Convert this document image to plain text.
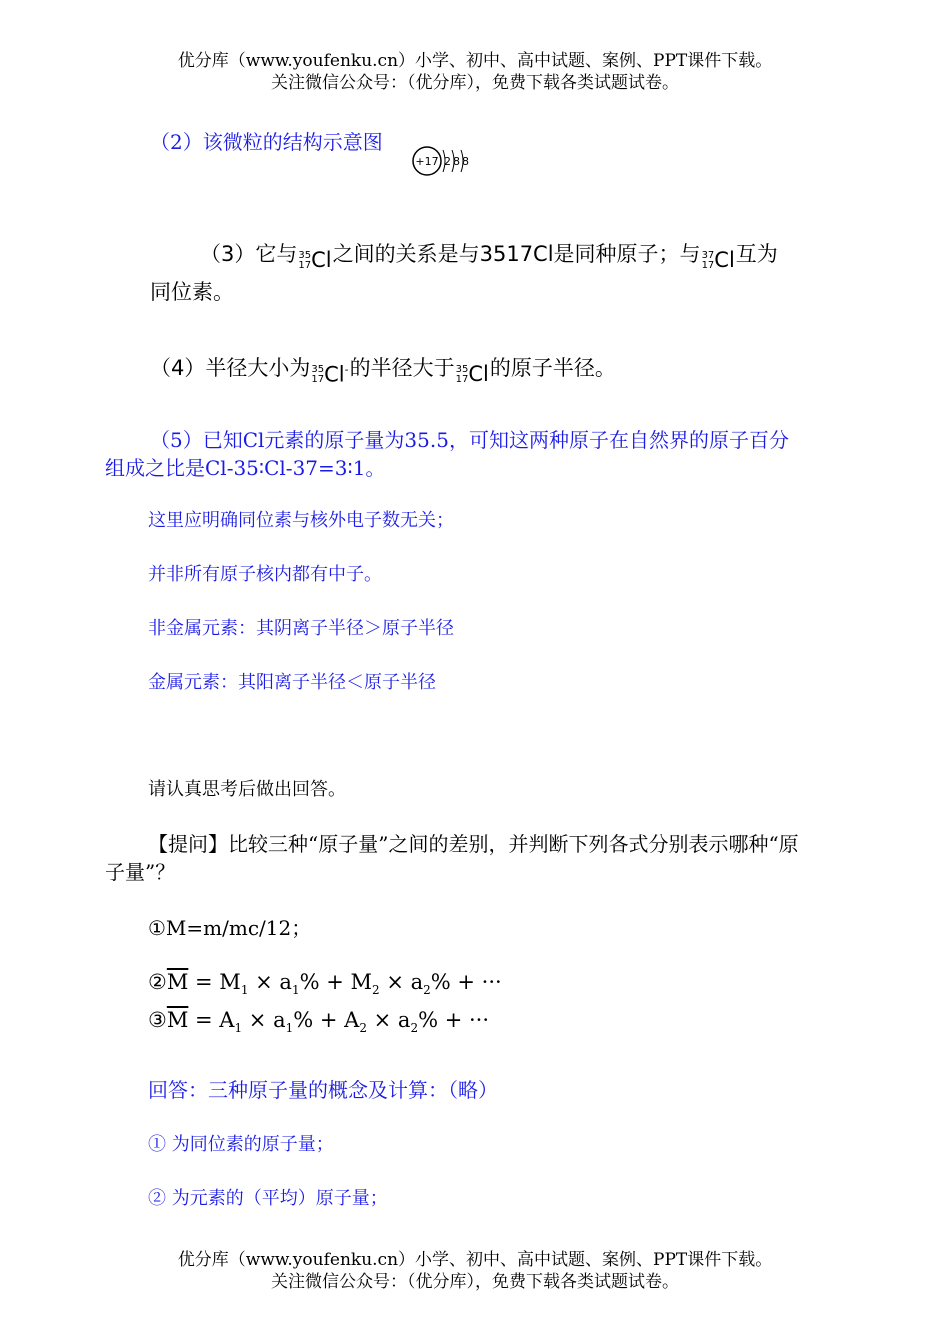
优分库（www.youfenku.cn）小学、初中、高中试题、案例、PPT课件下载。
关注微信公众号：（优分库），免费下载各类试题试卷。
（2）该微粒的结构示意图
+17 288
（3）它与35
17Cl之间的关系是与3517Cl是同种原子；与37
17Cl互为
同位素。
（4）半径大小为35
17Cl-的半径大于35
17Cl的原子半径。
（5）已知Cl元素的原子量为35.5，可知这两种原子在自然界的原子百分
组成之比是Cl-35∶Cl-37=3∶1。
这里应明确同位素与核外电子数无关；
并非所有原子核内都有中子。
非金属元素：其阴离子半径＞原子半径
金属元素：其阳离子半径＜原子半径
请认真思考后做出回答。
【提问】比较三种“原子量”之间的差别，并判断下列各式分别表示哪种“原
子量”？
①M=m/mc/12；
$②\overline{M} = M_1 \times a_1\% + M_2 \times a_2\%$ + ···
$③\overline{M} = A_1 \times a_1\% + A_2 \times a_2\%$ + ···
回答：三种原子量的概念及计算：（略）
① 为同位素的原子量；
② 为元素的（平均）原子量；
优分库（www.youfenku.cn）小学、初中、高中试题、案例、PPT课件下载。
关注微信公众号：（优分库），免费下载各类试题试卷。
